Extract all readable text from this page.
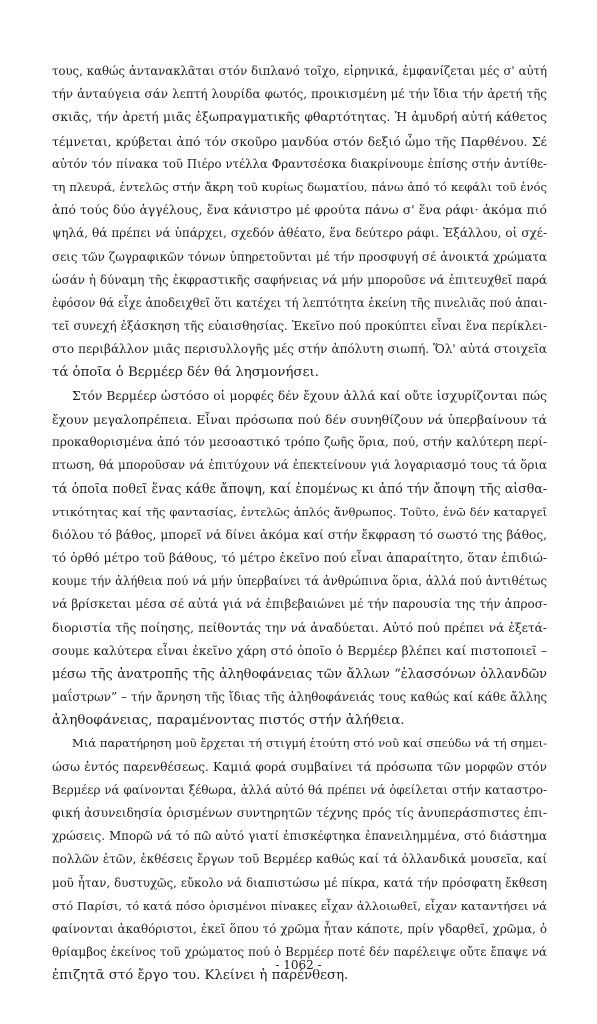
τους, καθώς ἀντανακλᾶται στόν διπλανό τοῖχο, εἰρηνικά, ἐμφανίζεται μές σ' αὐτή
τήν ἀνταύγεια σάν λεπτή λουρίδα φωτός, προικισμένη μέ τήν ἴδια τήν ἀρετή τῆς
σκιᾶς, τήν ἀρετή μιᾶς ἐξωπραγματικῆς φθαρτότητας. Ἡ ἀμυδρή αὐτή κάθετος
τέμνεται, κρύβεται ἀπό τόν σκοῦρο μανδύα στόν δεξιό ὦμο τῆς Παρθένου. Σέ
αὐτόν τόν πίνακα τοῦ Πιέρο ντέλλα Φραντσέσκα διακρίνουμε ἐπίσης στήν ἀντίθε-
τη πλευρά, ἐντελῶς στήν ἄκρη τοῦ κυρίως δωματίου, πάνω ἀπό τό κεφάλι τοῦ ἑνός
ἀπό τούς δύο ἀγγέλους, ἕνα κάνιστρο μέ φρούτα πάνω σ' ἕνα ράφι· ἀκόμα πιό
ψηλά, θά πρέπει νά ὑπάρχει, σχεδόν ἀθέατο, ἕνα δεύτερο ράφι. Ἐξάλλου, οἱ σχέ-
σεις τῶν ζωγραφικῶν τόνων ὑπηρετοῦνται μέ τήν προσφυγή σέ ἀνοικτά χρώματα
ὡσάν ἡ δύναμη τῆς ἐκφραστικῆς σαφήνειας νά μήν μποροῦσε νά ἐπιτευχθεῖ παρά
ἐφόσον θά εἶχε ἀποδειχθεῖ ὅτι κατέχει τή λεπτότητα ἐκείνη τῆς πινελιᾶς πού ἀπαι-
τεῖ συνεχή ἐξάσκηση τῆς εὐαισθησίας. Ἐκεῖνο πού προκύπτει εἶναι ἕνα περίκλει-
στο περιβάλλον μιᾶς περισυλλογῆς μές στήν ἀπόλυτη σιωπή. Ὅλ' αὐτά στοιχεῖα
τά ὁποῖα ὁ Βερμέερ δέν θά λησμονήσει.
Στόν Βερμέερ ὡστόσο οἱ μορφές δέν ἔχουν ἀλλά καί οὔτε ἰσχυρίζονται πώς
ἔχουν μεγαλοπρέπεια. Εἶναι πρόσωπα πού δέν συνηθίζουν νά ὑπερβαίνουν τά
προκαθορισμένα ἀπό τόν μεσοαστικό τρόπο ζωῆς ὅρια, πού, στήν καλύτερη περί-
πτωση, θά μποροῦσαν νά ἐπιτύχουν νά ἐπεκτείνουν γιά λογαριασμό τους τά ὅρια
τά ὁποῖα ποθεῖ ἕνας κάθε ἄποψη, καί ἑπομένως κι ἀπό τήν ἄποψη τῆς αἰσθα-
ντικότητας καί τῆς φαντασίας, ἐντελῶς ἁπλός ἄνθρωπος. Τοῦτο, ἐνῶ δέν καταργεῖ
διόλου τό βάθος, μπορεῖ νά δίνει ἀκόμα καί στήν ἔκφραση τό σωστό της βάθος,
τό ὀρθό μέτρο τοῦ βάθους, τό μέτρο ἐκεῖνο πού εἶναι ἀπαραίτητο, ὅταν ἐπιδιώ-
κουμε τήν ἀλήθεια πού νά μήν ὑπερβαίνει τά ἀνθρώπινα ὅρια, ἀλλά πού ἀντιθέτως
νά βρίσκεται μέσα σέ αὐτά γιά νά ἐπιβεβαιώνει μέ τήν παρουσία της τήν ἀπροσ-
διοριστία τῆς ποίησης, πείθοντάς την νά ἀναδύεται. Αὐτό πού πρέπει νά ἐξετά-
σουμε καλύτερα εἶναι ἐκεῖνο χάρη στό ὁποῖο ὁ Βερμέερ βλέπει καί πιστοποιεῖ –
μέσω τῆς ἀνατροπῆς τῆς ἀληθοφάνειας τῶν ἄλλων “ἐλασσόνων ὀλλανδῶν
μαΐστρων” – τήν ἄρνηση τῆς ἴδιας τῆς ἀληθοφάνειάς τους καθώς καί κάθε ἄλλης
ἀληθοφάνειας, παραμένοντας πιστός στήν ἀλήθεια.
Μιά παρατήρηση μοῦ ἔρχεται τή στιγμή ἐτούτη στό νοῦ καί σπεύδω νά τή σημει-
ώσω ἐντός παρενθέσεως. Καμιά φορά συμβαίνει τά πρόσωπα τῶν μορφῶν στόν
Βερμέερ νά φαίνονται ξέθωρα, ἀλλά αὐτό θά πρέπει νά ὀφείλεται στήν καταστρο-
φική ἀσυνειδησία ὁρισμένων συντηρητῶν τέχνης πρός τίς ἀνυπεράσπιστες ἐπι-
χρώσεις. Μπορῶ νά τό πῶ αὐτό γιατί ἐπισκέφτηκα ἐπανειλημμένα, στό διάστημα
πολλῶν ἐτῶν, ἐκθέσεις ἔργων τοῦ Βερμέερ καθώς καί τά ὀλλανδικά μουσεῖα, καί
μοῦ ἦταν, δυστυχῶς, εὔκολο νά διαπιστώσω μέ πίκρα, κατά τήν πρόσφατη ἔκθεση
στό Παρίσι, τό κατά πόσο ὁρισμένοι πίνακες εἶχαν ἀλλοιωθεῖ, εἶχαν καταντήσει νά
φαίνονται ἀκαθόριστοι, ἐκεῖ ὅπου τό χρῶμα ἦταν κάποτε, πρίν γδαρθεῖ, χρῶμα, ὁ
θρίαμβος ἐκείνος τοῦ χρώματος πού ὁ Βερμέερ ποτέ δέν παρέλειψε οὔτε ἔπαψε νά
ἐπιζητᾶ στό ἔργο του. Κλείνει ἡ παρένθεση.
- 1062 -
